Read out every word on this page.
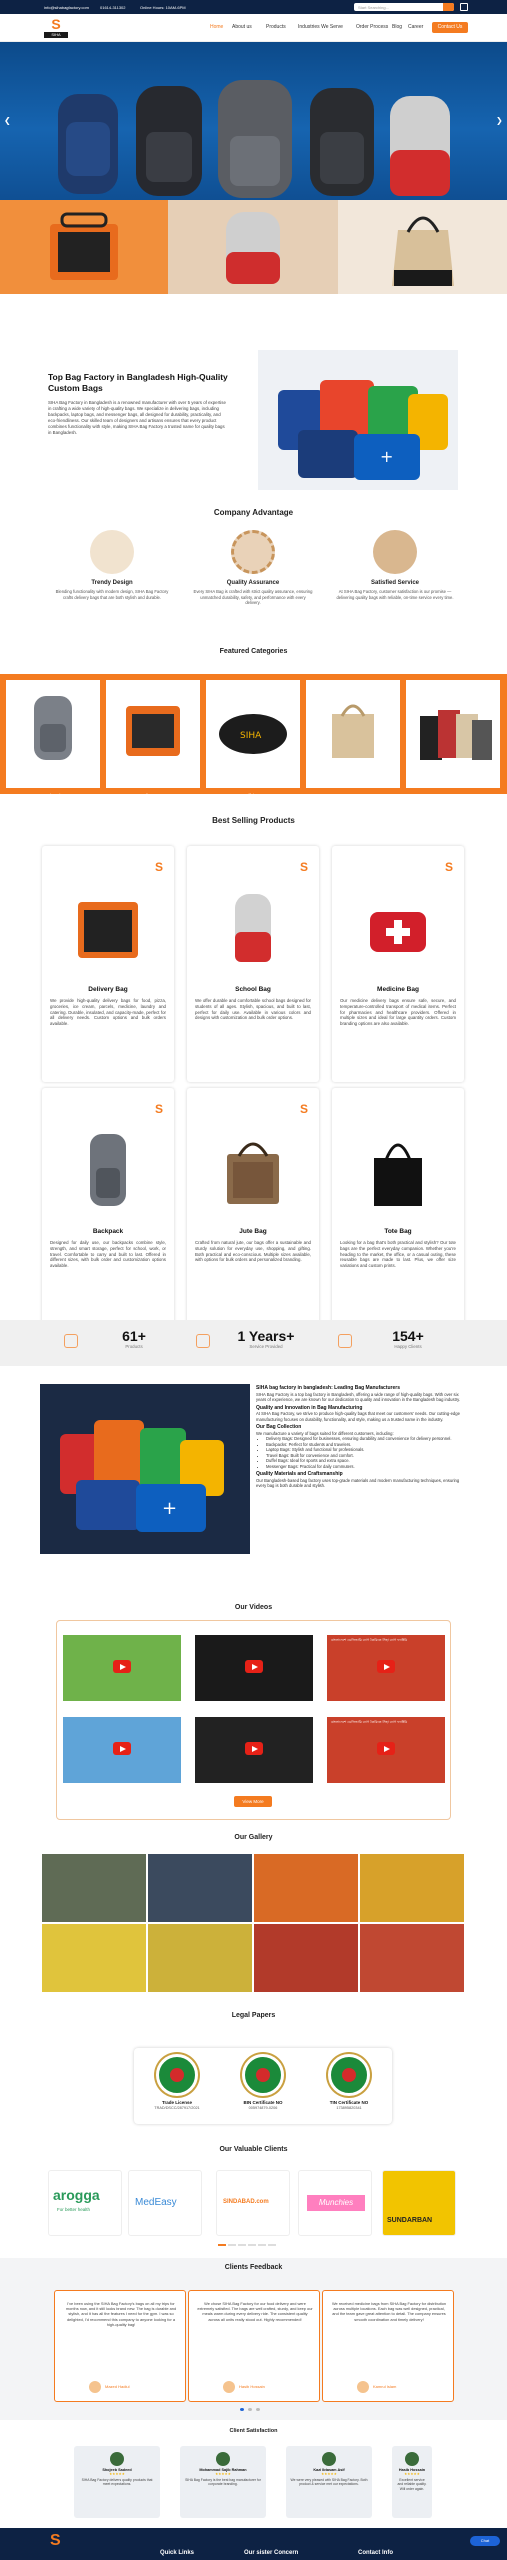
info@sihabagfactory.com	01614-311302	Online Hours: 10AM-6PM	Start Searching...
S
SIHA
Home About us	Products Industries We Serve	Order Process Blog Career	Contact Us
❮	❯
Top Bag Factory in Bangladesh High-Quality Custom Bags
SIHA Bag Factory in Bangladesh is a renowned manufacturer with over 5 years of expertise in crafting a wide variety of high-quality bags. We specialize in delivering bags, including backpacks, laptop bags, and messenger bags, all designed for durability, practicality, and eco-friendliness. Our skilled team of designers and artisans ensures that every product combines functionality with style, making SIHA Bag Factory a trusted name for quality bags in Bangladesh.
+
Company Advantage
Trendy Design
Blending functionality with modern design, SIHA Bag Factory crafts delivery bags that are both stylish and durable.
Quality Assurance
Every SIHA Bag is crafted with strict quality assurance, ensuring unmatched durability, safety, and performance with every delivery.
Satisfied Service
At SIHA Bag Factory, customer satisfaction is our promise — delivering quality bags with reliable, on-time service every time.
Featured Categories
Backpacks	Delivery Bag
SIHA
Duffel Bag	Jute Bag	Tote Bag
Best Selling Products
S
Delivery Bag
We provide high-quality delivery bags for food, pizza, groceries, ice cream, parcels, medicine, laundry and catering. Durable, insulated, and capacity-made, perfect for all delivery needs. Custom options and bulk orders available.
S
School Bag
We offer durable and comfortable school bags designed for students of all ages. Stylish, spacious, and built to last, perfect for daily use. Available in various colors and designs with customization and bulk order options.
S
Medicine Bag
Our medicine delivery bags ensure safe, secure, and temperature-controlled transport of medical items. Perfect for pharmacies and healthcare providers. Offered in multiple sizes and ideal for large quantity orders. Custom branding options are also available.
S
Backpack
Designed for daily use, our backpacks combine style, strength, and smart storage, perfect for school, work, or travel. Comfortable to carry and built to last. Offered in different sizes, with bulk order and customization options available.
S
Jute Bag
Crafted from natural jute, our bags offer a sustainable and sturdy solution for everyday use, shopping, and gifting. Both practical and eco-conscious. Multiple sizes available, with options for bulk orders and personalized branding.
Tote Bag
Looking for a bag that's both practical and stylish? Our tote bags are the perfect everyday companion. Whether you're heading to the market, the office, or a casual outing, these reusable bags are made to last. Plus, we offer size variations and custom prints.
61+
Products
1 Years+
Service Provided
154+
Happy Clients
+
SIHA bag factory in bangladesh: Leading Bag Manufacturers
SIHA Bag Factory is a top bag factory in Bangladesh, offering a wide range of high-quality bags. With over six years of experience, we are known for our dedication to quality and innovation in the Bangladesh bag industry.
Quality and Innovation in Bag Manufacturing
At SIHA Bag Factory, we strive to produce high-quality bags that meet our customers' needs. Our cutting-edge manufacturing focuses on durability, functionality, and style, making us a trusted name in the industry.
Our Bag Collection
We manufacture a variety of bags suited for different customers, including:
• Delivery Bags: Designed for businesses, ensuring durability and convenience for delivery personnel.
• Backpacks: Perfect for students and travelers.
• Laptop Bags: Stylish and functional for professionals.
• Travel Bags: Built for convenience and comfort.
• Duffel Bags: Ideal for sports and extra space.
• Messenger Bags: Practical for daily commuters.
Quality Materials and Craftsmanship
Our Bangladesh-based bag factory uses top-grade materials and modern manufacturing techniques, ensuring every bag is both durable and stylish.
Our Videos
বাংলাদেশে ডেলিভারি ব্যাগ তৈরিতে সিহা ব্যাগ ফ্যাক্টরি
বাংলাদেশে ডেলিভারি ব্যাগ তৈরিতে সিহা ব্যাগ ফ্যাক্টরি
View More
Our Gallery
Legal Papers
Trade License
TRAD/DSCC/287917/2021
BIN Certificate NO
005974879-0206
TIN Certificate NO
173895820341
Our Valuable Clients
arogga
For better health
MedEasy	SINDABAD.com	Munchies
SUNDARBAN
Clients Feedback
I've been using the SIHA Bag Factory's bags on all my trips for months now, and it still looks brand new. The bag is durable and stylish, and it has all the features I need for the gym. I was so delighted, I'd recommend this company to anyone looking for a high-quality bag!
Mazed Hadiul
We chose SIHA Bag Factory for our food delivery and were extremely satisfied. The bags are well crafted, sturdy, and keep our meals warm during every delivery ride. The consistent quality across all units really stood out. Highly recommended!
Hasib Hossain
We received medicine bags from SIHA Bag Factory for distribution across multiple locations. Each bag was well designed, practical, and the team gave great attention to detail. The company ensures smooth coordination and timely delivery!
Kamrul Islam
Client Satisfaction
Shojeeb Sadeed
★★★★★
SIHA Bag Factory delivers quality products that meet expectations.
Mohammad Sajib Rahman
★★★★★
SIHA Bag Factory is the best bag manufacturer for corporate branding.
Kazi Ibtasam Asif
★★★★★
We were very pleased with SIHA Bag Factory. Both product & service met our expectations.
Hasib Hossain
★★★★★
Excellent service and reliable quality. Will order again.
S
Quick Links	Our sister Concern	Contact Info
Chat
